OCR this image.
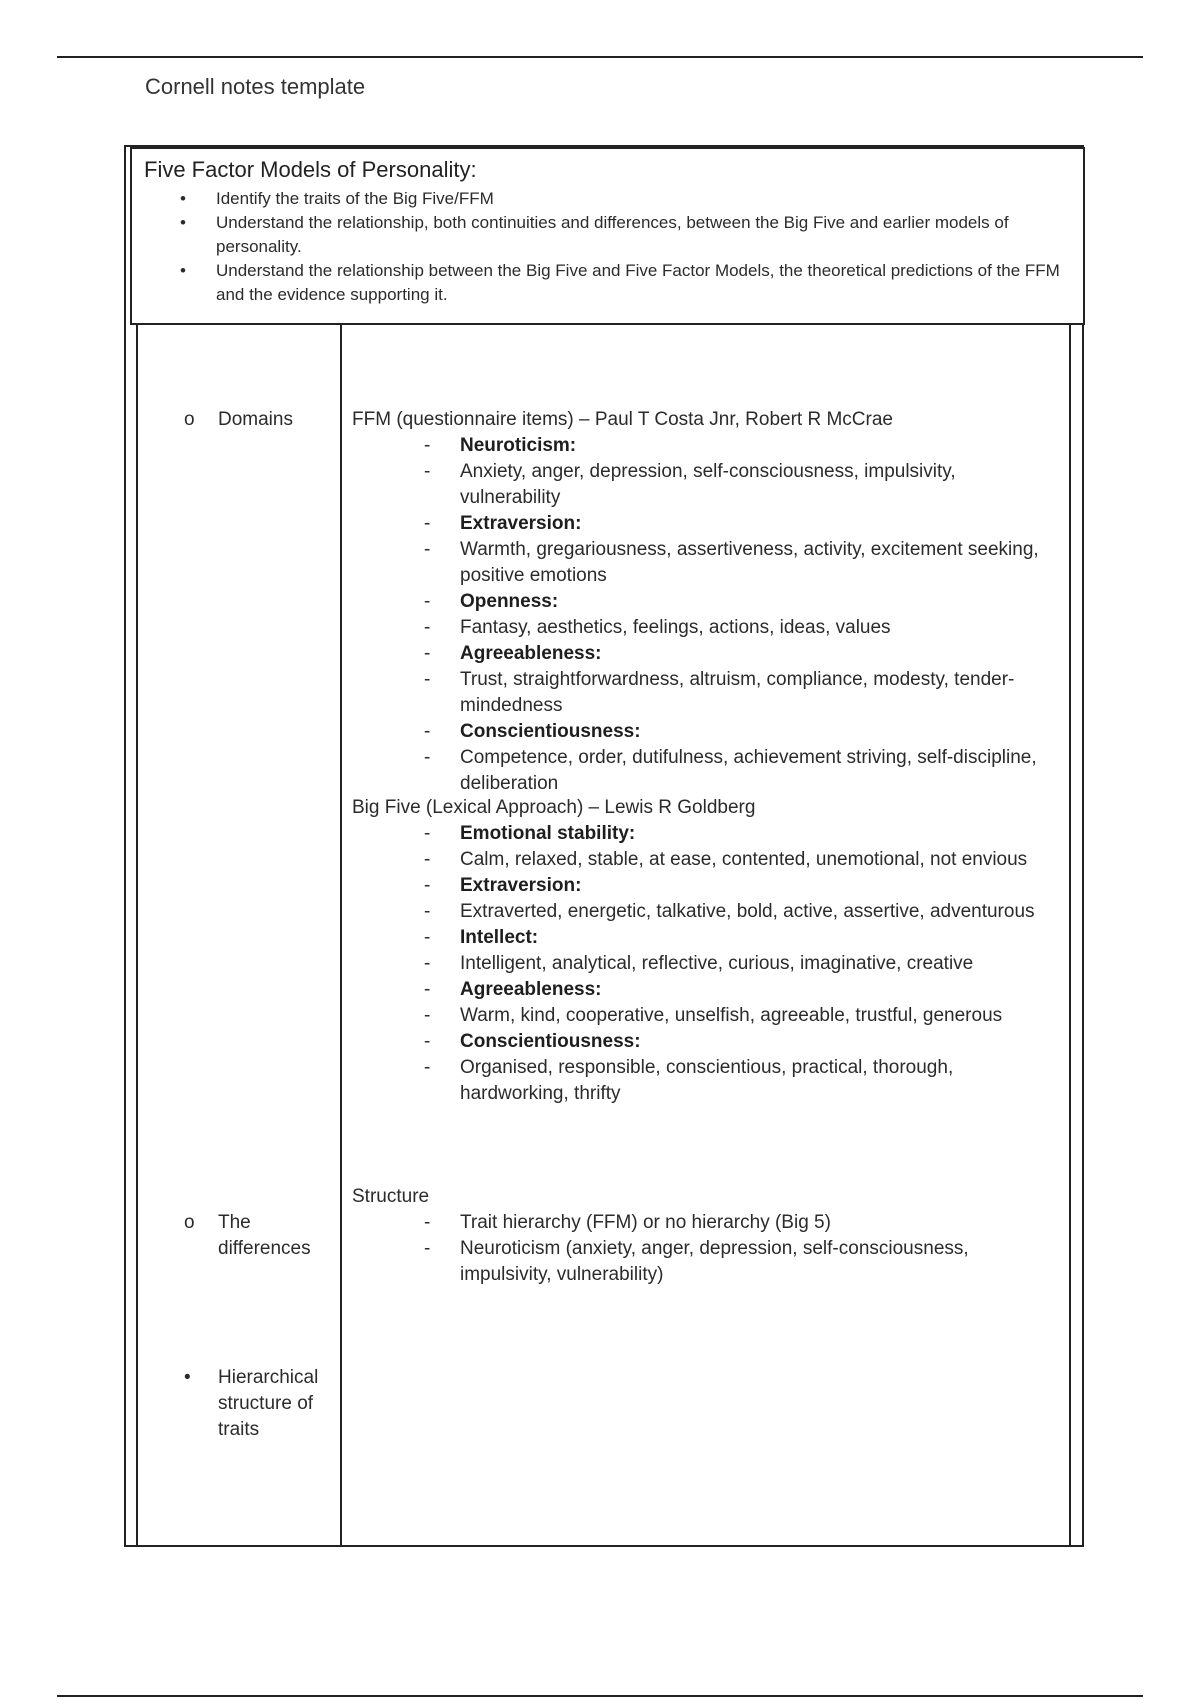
Cornell notes template
Five Factor Models of Personality:
• Identify the traits of the Big Five/FFM
• Understand the relationship, both continuities and differences, between the Big Five and earlier models of personality.
• Understand the relationship between the Big Five and Five Factor Models, the theoretical predictions of the FFM and the evidence supporting it.
o	Domains
o	The differences
•	Hierarchical structure of traits
FFM (questionnaire items) – Paul T Costa Jnr, Robert R McCrae
- Neuroticism:
- Anxiety, anger, depression, self-consciousness, impulsivity, vulnerability
- Extraversion:
- Warmth, gregariousness, assertiveness, activity, excitement seeking, positive emotions
- Openness:
- Fantasy, aesthetics, feelings, actions, ideas, values
- Agreeableness:
- Trust, straightforwardness, altruism, compliance, modesty, tender-mindedness
- Conscientiousness:
- Competence, order, dutifulness, achievement striving, self-discipline, deliberation
Big Five (Lexical Approach) – Lewis R Goldberg
- Emotional stability:
- Calm, relaxed, stable, at ease, contented, unemotional, not envious
- Extraversion:
- Extraverted, energetic, talkative, bold, active, assertive, adventurous
- Intellect:
- Intelligent, analytical, reflective, curious, imaginative, creative
- Agreeableness:
- Warm, kind, cooperative, unselfish, agreeable, trustful, generous
- Conscientiousness:
- Organised, responsible, conscientious, practical, thorough, hardworking, thrifty
Structure
- Trait hierarchy (FFM) or no hierarchy (Big 5)
- Neuroticism (anxiety, anger, depression, self-consciousness, impulsivity, vulnerability)
